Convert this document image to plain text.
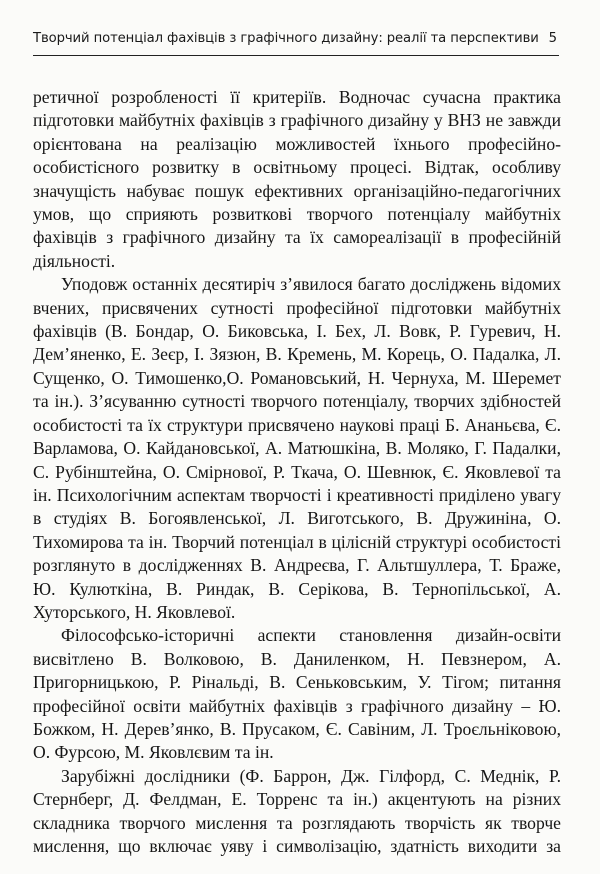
Творчий потенціал фахівців з графічного дизайну: реалії та перспективи 5

ретичної розробленості її критеріїв. Водночас сучасна практика підготовки майбутніх фахівців з графічного дизайну у ВНЗ не завжди орієнтована на реалізацію можливостей їхнього професійно-особистісного розвитку в освітньому процесі. Відтак, особливу значущість набуває пошук ефективних організаційно-педагогічних умов, що сприяють розвиткові творчого потенціалу майбутніх фахівців з графічного дизайну та їх самореалізації в професійній діяльності.

Уподовж останніх десятиріч з’явилося багато досліджень відомих вчених, присвячених сутності професійної підготовки майбутніх фахівців (В. Бондар, О. Биковська, І. Бех, Л. Вовк, Р. Гуревич, Н. Дем’яненко, Е. Зеєр, І. Зязюн, В. Кремень, М. Корець, О. Падалка, Л. Сущенко, О. Тимошенко,О. Романовський, Н. Чернуха, М. Шеремет та ін.). З’ясуванню сутності творчого потенціалу, творчих здібностей особистості та їх структури присвячено наукові праці Б. Ананьєва, Є. Варламова, О. Кайдановської, А. Матюшкіна, В. Моляко, Г. Падалки, С. Рубінштейна, О. Смірнової, Р. Ткача, О. Шевнюк, Є. Яковлевої та ін. Психологічним аспектам творчості і креативності приділено увагу в студіях В. Богоявленської, Л. Виготського, В. Дружиніна, О. Тихомирова та ін. Творчий потенціал в цілісній структурі особистості розглянуто в дослідженнях В. Андреєва, Г. Альтшуллера, Т. Браже, Ю. Кулюткіна, В. Риндак, В. Серікова, В. Тернопільської, А. Хуторського, Н. Яковлевої.

Філософсько-історичні аспекти становлення дизайн-освіти висвітлено В. Волковою, В. Даниленком, Н. Певзнером, А. Пригорницькою, Р. Рінальді, В. Сеньковським, У. Тігом; питання професійної освіти майбутніх фахівців з графічного дизайну – Ю. Божком, Н. Дерев’янко, В. Прусаком, Є. Савіним, Л. Троєльніковою, О. Фурсою, М. Яковлєвим та ін.

Зарубіжні дослідники (Ф. Баррон, Дж. Гілфорд, С. Меднік, Р. Стернберг, Д. Фелдман, Е. Торренс та ін.) акцентують на різних складника творчого мислення та розглядають творчість як творче мислення, що включає уяву і символізацію, здатність виходити за
